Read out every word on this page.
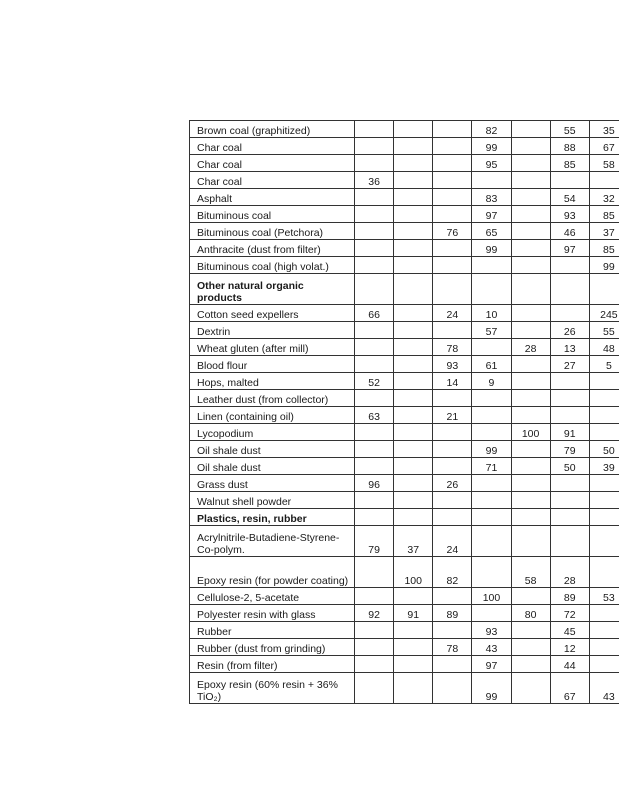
Brown coal (graphitized)				82		55	35
Char coal				99		88	67
Char coal				95		85	58
Char coal	36						
Asphalt				83		54	32
Bituminous coal				97		93	85
Bituminous coal (Petchora)			76	65		46	37
Anthracite (dust from filter)				99		97	85
Bituminous coal (high volat.)							99
Other natural organic products							
Cotton seed expellers	66		24	10			245
Dextrin				57		26	55
Wheat gluten (after mill)			78		28	13	48
Blood flour			93	61		27	5
Hops, malted	52		14	9			
Leather dust (from collector)							
Linen (containing oil)	63		21				
Lycopodium					100	91	
Oil shale dust				99		79	50
Oil shale dust				71		50	39
Grass dust	96		26				
Walnut shell powder							
Plastics, resin, rubber							
Acrylnitrile-Butadiene-Styrene-Co-polym.	79	37	24				
Epoxy resin (for powder coating)		100	82		58	28	
Cellulose-2, 5-acetate				100		89	53
Polyester resin with glass	92	91	89		80	72	
Rubber				93		45	
Rubber (dust from grinding)			78	43		12	
Resin (from filter)				97		44	
Epoxy resin (60% resin + 36% TiO₂)				99		67	43
